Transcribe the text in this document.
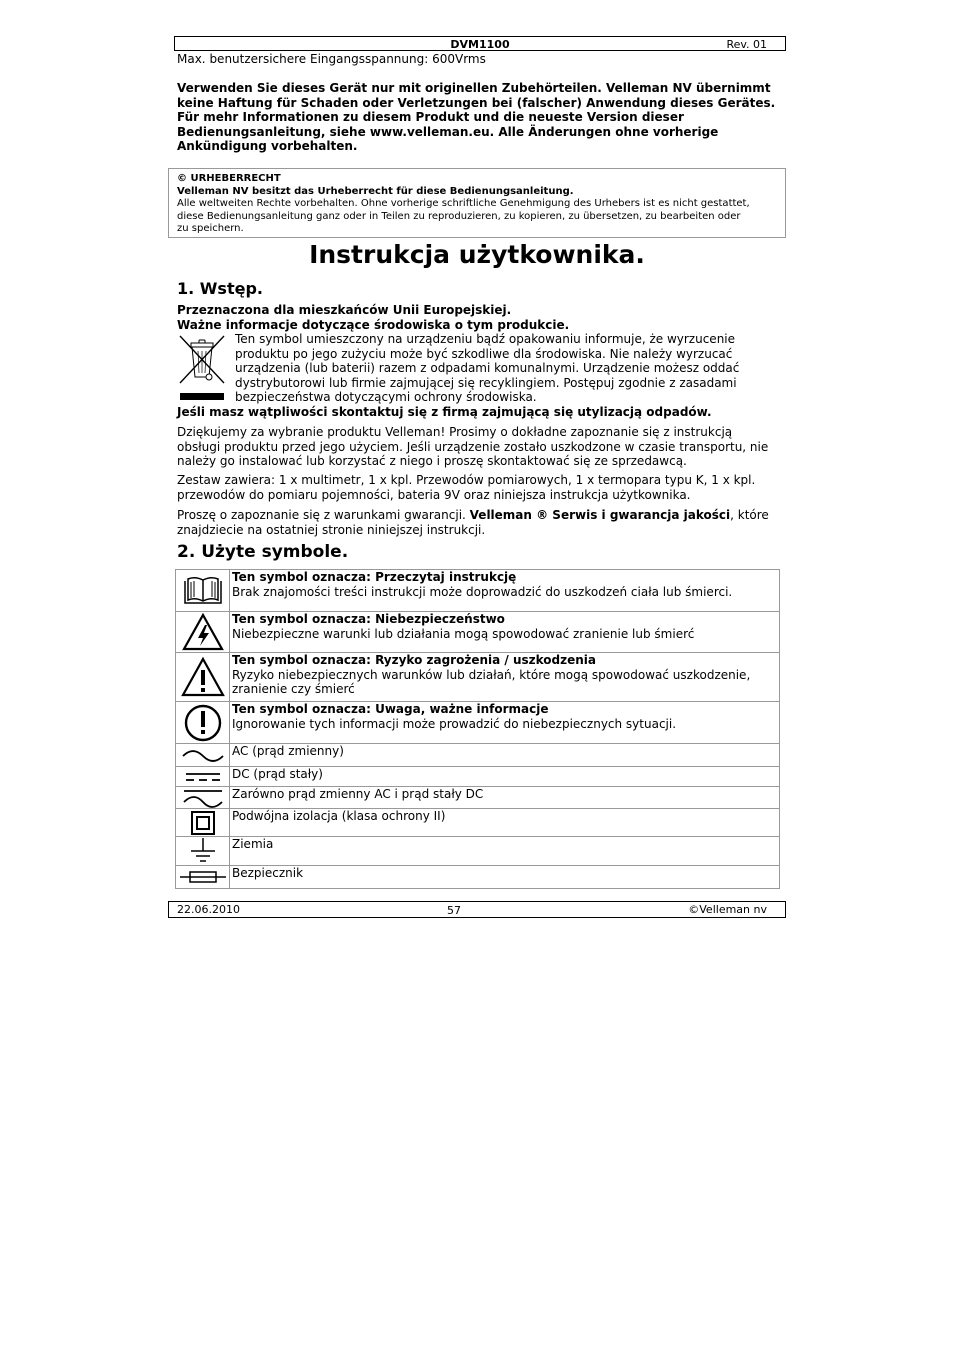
DVM1100	Rev. 01
Max. benutzersichere Eingangsspannung: 600Vrms
Verwenden Sie dieses Gerät nur mit originellen Zubehörteilen. Velleman NV übernimmt
keine Haftung für Schaden oder Verletzungen bei (falscher) Anwendung dieses Gerätes.
Für mehr Informationen zu diesem Produkt und die neueste Version dieser
Bedienungsanleitung, siehe www.velleman.eu. Alle Änderungen ohne vorherige
Ankündigung vorbehalten.
© URHEBERRECHT
Velleman NV besitzt das Urheberrecht für diese Bedienungsanleitung.
Alle weltweiten Rechte vorbehalten. Ohne vorherige schriftliche Genehmigung des Urhebers ist es nicht gestattet,
diese Bedienungsanleitung ganz oder in Teilen zu reproduzieren, zu kopieren, zu übersetzen, zu bearbeiten oder
zu speichern.
Instrukcja użytkownika.
1. Wstęp.
Przeznaczona dla mieszkańców Unii Europejskiej.
Ważne informacje dotyczące środowiska o tym produkcie.
Ten symbol umieszczony na urządzeniu bądź opakowaniu informuje, że wyrzucenie
produktu po jego zużyciu może być szkodliwe dla środowiska. Nie należy wyrzucać
urządzenia (lub baterii) razem z odpadami komunalnymi. Urządzenie możesz oddać
dystrybutorowi lub firmie zajmującej się recyklingiem. Postępuj zgodnie z zasadami
bezpieczeństwa dotyczącymi ochrony środowiska.
Jeśli masz wątpliwości skontaktuj się z firmą zajmującą się utylizacją odpadów.
Dziękujemy za wybranie produktu Velleman! Prosimy o dokładne zapoznanie się z instrukcją
obsługi produktu przed jego użyciem. Jeśli urządzenie zostało uszkodzone w czasie transportu, nie
należy go instalować lub korzystać z niego i proszę skontaktować się ze sprzedawcą.
Zestaw zawiera: 1 x multimetr, 1 x kpl. Przewodów pomiarowych, 1 x termopara typu K, 1 x kpl.
przewodów do pomiaru pojemności, bateria 9V oraz niniejsza instrukcja użytkownika.
Proszę o zapoznanie się z warunkami gwarancji. Velleman ® Serwis i gwarancja jakości, które
znajdziecie na ostatniej stronie niniejszej instrukcji.
2. Użyte symbole.

Ten symbol oznacza: Przeczytaj instrukcję
Brak znajomości treści instrukcji może doprowadzić do uszkodzeń ciała lub śmierci.

Ten symbol oznacza: Niebezpieczeństwo
Niebezpieczne warunki lub działania mogą spowodować zranienie lub śmierć

Ten symbol oznacza: Ryzyko zagrożenia / uszkodzenia
Ryzyko niebezpiecznych warunków lub działań, które mogą spowodować uszkodzenie,
zranienie czy śmierć

Ten symbol oznacza: Uwaga, ważne informacje
Ignorowanie tych informacji może prowadzić do niebezpiecznych sytuacji.

AC (prąd zmienny)

DC (prąd stały)

Zarówno prąd zmienny AC i prąd stały DC

Podwójna izolacja (klasa ochrony II)

Ziemia

Bezpiecznik
22.06.2010	57	©Velleman nv
